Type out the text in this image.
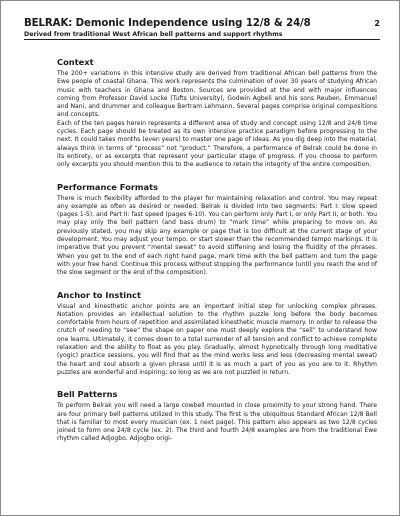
BELRAK: Demonic Independence using 12/8 & 24/8
Derived from traditional West African bell patterns and support rhythms
2
Context

The 200+ variations in this intensive study are derived from traditional African bell patterns from the Ewe people of coastal Ghana. This work represents the culmination of over 30 years of studying African music with teachers in Ghana and Boston. Sources are provided at the end with major influences coming from Professor David Locke (Tufts University), Godwin Agbeli and his sons Reuben, Emmanuel and Nani, and drummer and colleague Bertram Lehmann. Several pages comprise original compositions and concepts.

Each of the ten pages herein represents a different area of study and concept using 12/8 and 24/8 time cycles. Each page should be treated as its own intensive practice paradigm before progressing to the next. It could takes months (even years) to master one page of ideas. As you dig deep into the material, always think in terms of “process” not “product.” Therefore, a performance of Belrak could be done in its entirety, or as excerpts that represent your particular stage of progress. If you choose to perform only excerpts you should mention this to the audience to retain the integrity of the entire composition.

Performance Formats

There is much flexibility afforded to the player for maintaining relaxation and control. You may repeat any example as often as desired or needed. Belrak is divided into two segments: Part I: slow speed (pages 1-5), and Part II: fast speed (pages 6-10). You can perform only Part I, or only Part II, or both. You may play only the bell pattern (and bass drum) to “mark time” while preparing to move on. As previously stated, you may skip any example or page that is too difficult at the current stage of your development. You may adjust your tempo, or start slower than the recommended tempo markings. It is imperative that you prevent “mental sweat” to avoid stiffening and losing the fluidity of the phrases. When you get to the end of each right hand page, mark time with the bell pattern and turn the page with your free hand. Continue this process without stopping the performance (until you reach the end of the slow segment or the end of the composition).

Anchor to Instinct

Visual and kinesthetic anchor points are an important initial step for unlocking complex phrases. Notation provides an intellectual solution to the rhythm puzzle long before the body becomes comfortable from hours of repetition and assimilated kinesthetic muscle memory. In order to release the crutch of needing to “see” the shape on paper one must deeply explore the “sell” to understand how one learns. Ultimately, it comes down to a total surrender of all tension and conflict to achieve complete relaxation and the ability to float as you play. Gradually, almost hypnotically through long meditative (yogic) practice sessions, you will find that as the mind works less and less (decreasing mental sweat) the heart and soul absorb a given phrase until it is as much a part of you as you are to it. Rhythm puzzles are wonderful and inspiring; so long as we are not puzzled in return.

Bell Patterns

To perform Belrak you will need a large cowbell mounted in close proximity to your strong hand. There are four primary bell patterns utilized in this study. The first is the ubiquitous Standard African 12/8 Bell that is familiar to most every musician (ex. 1 next page). This pattern also appears as two 12/8 cycles joined to form one 24/8 cycle (ex. 2). The third and fourth 24/8 examples are from the traditional Ewe rhythm called Adjogbo. Adjogbo origi-
